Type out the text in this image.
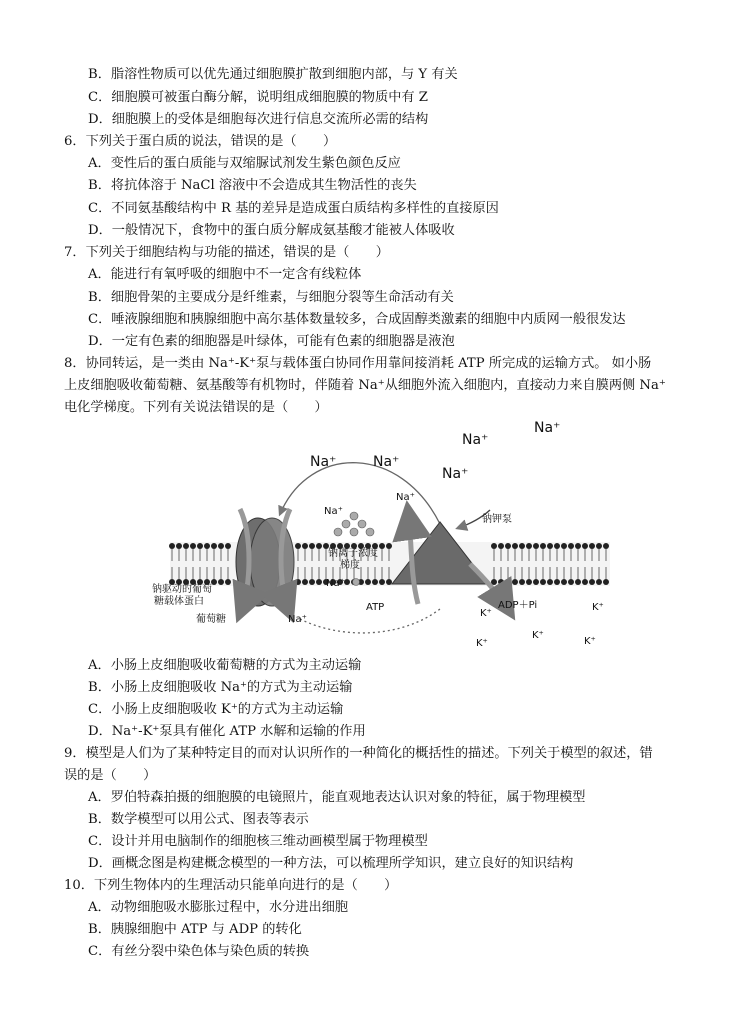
B．脂溶性物质可以优先通过细胞膜扩散到细胞内部，与 Y 有关
C．细胞膜可被蛋白酶分解，说明组成细胞膜的物质中有 Z
D．细胞膜上的受体是细胞每次进行信息交流所必需的结构
6．下列关于蛋白质的说法，错误的是（　　）
A．变性后的蛋白质能与双缩脲试剂发生紫色颜色反应
B．将抗体溶于 NaCl 溶液中不会造成其生物活性的丧失
C．不同氨基酸结构中 R 基的差异是造成蛋白质结构多样性的直接原因
D．一般情况下，食物中的蛋白质分解成氨基酸才能被人体吸收
7．下列关于细胞结构与功能的描述，错误的是（　　）
A．能进行有氧呼吸的细胞中不一定含有线粒体
B．细胞骨架的主要成分是纤维素，与细胞分裂等生命活动有关
C．唾液腺细胞和胰腺细胞中高尔基体数量较多，合成固醇类激素的细胞中内质网一般很发达
D．一定有色素的细胞器是叶绿体，可能有色素的细胞器是液泡
8．协同转运，是一类由 Na⁺-K⁺泵与载体蛋白协同作用靠间接消耗 ATP 所完成的运输方式。 如小肠
上皮细胞吸收葡萄糖、氨基酸等有机物时，伴随着 Na⁺从细胞外流入细胞内，直接动力来自膜两侧 Na⁺
电化学梯度。下列有关说法错误的是（　　）
Na⁺	Na⁺
Na⁺
Na⁺
Na⁺
Na⁺
Na⁺
Na⁺
Na⁺
钠钾泵
钠离子浓度
梯度
钠驱动的葡萄
糖载体蛋白
葡萄糖
ATP	ADP＋Pi
K⁺
K⁺
K⁺
K⁺
K⁺
A．小肠上皮细胞吸收葡萄糖的方式为主动运输
B．小肠上皮细胞吸收 Na⁺的方式为主动运输
C．小肠上皮细胞吸收 K⁺的方式为主动运输
D．Na⁺-K⁺泵具有催化 ATP 水解和运输的作用
9．模型是人们为了某种特定目的而对认识所作的一种简化的概括性的描述。下列关于模型的叙述，错
误的是（　　）
A．罗伯特森拍摄的细胞膜的电镜照片，能直观地表达认识对象的特征，属于物理模型
B．数学模型可以用公式、图表等表示
C．设计并用电脑制作的细胞核三维动画模型属于物理模型
D．画概念图是构建概念模型的一种方法，可以梳理所学知识，建立良好的知识结构
10．下列生物体内的生理活动只能单向进行的是（　　）
A．动物细胞吸水膨胀过程中，水分进出细胞
B．胰腺细胞中 ATP 与 ADP 的转化
C．有丝分裂中染色体与染色质的转换
